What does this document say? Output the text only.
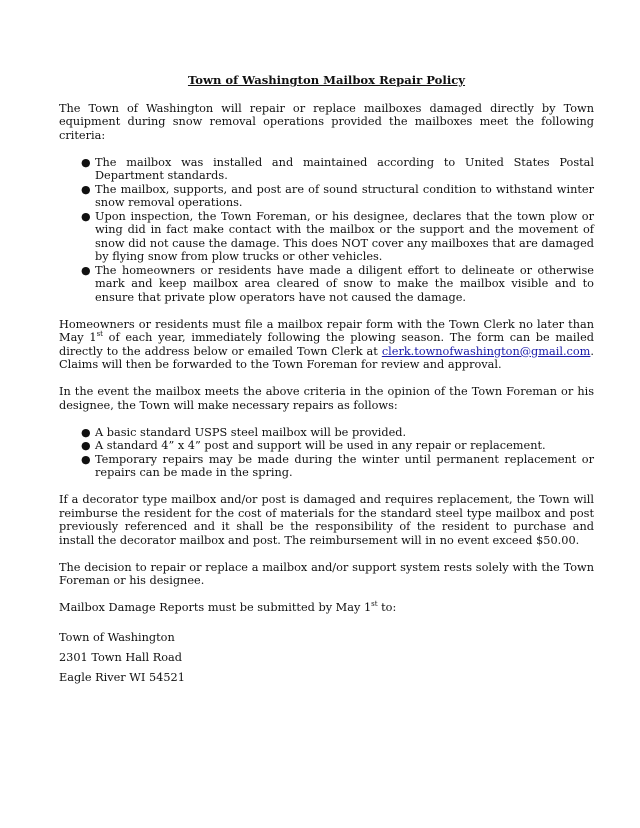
Town of Washington Mailbox Repair Policy

The Town of Washington will repair or replace mailboxes damaged directly by Town equipment during snow removal operations provided the mailboxes meet the following criteria:

● The mailbox was installed and maintained according to United States Postal Department standards.
● The mailbox, supports, and post are of sound structural condition to withstand winter snow removal operations.
● Upon inspection, the Town Foreman, or his designee, declares that the town plow or wing did in fact make contact with the mailbox or the support and the movement of snow did not cause the damage. This does NOT cover any mailboxes that are damaged by flying snow from plow trucks or other vehicles.
● The homeowners or residents have made a diligent effort to delineate or otherwise mark and keep mailbox area cleared of snow to make the mailbox visible and to ensure that private plow operators have not caused the damage.

Homeowners or residents must file a mailbox repair form with the Town Clerk no later than May 1st of each year, immediately following the plowing season. The form can be mailed directly to the address below or emailed Town Clerk at clerk.townofwashington@gmail.com. Claims will then be forwarded to the Town Foreman for review and approval.

In the event the mailbox meets the above criteria in the opinion of the Town Foreman or his designee, the Town will make necessary repairs as follows:

● A basic standard USPS steel mailbox will be provided.
● A standard 4” x 4” post and support will be used in any repair or replacement.
● Temporary repairs may be made during the winter until permanent replacement or repairs can be made in the spring.

If a decorator type mailbox and/or post is damaged and requires replacement, the Town will reimburse the resident for the cost of materials for the standard steel type mailbox and post previously referenced and it shall be the responsibility of the resident to purchase and install the decorator mailbox and post. The reimbursement will in no event exceed $50.00.

The decision to repair or replace a mailbox and/or support system rests solely with the Town Foreman or his designee.

Mailbox Damage Reports must be submitted by May 1st to:

Town of Washington
2301 Town Hall Road
Eagle River WI 54521
